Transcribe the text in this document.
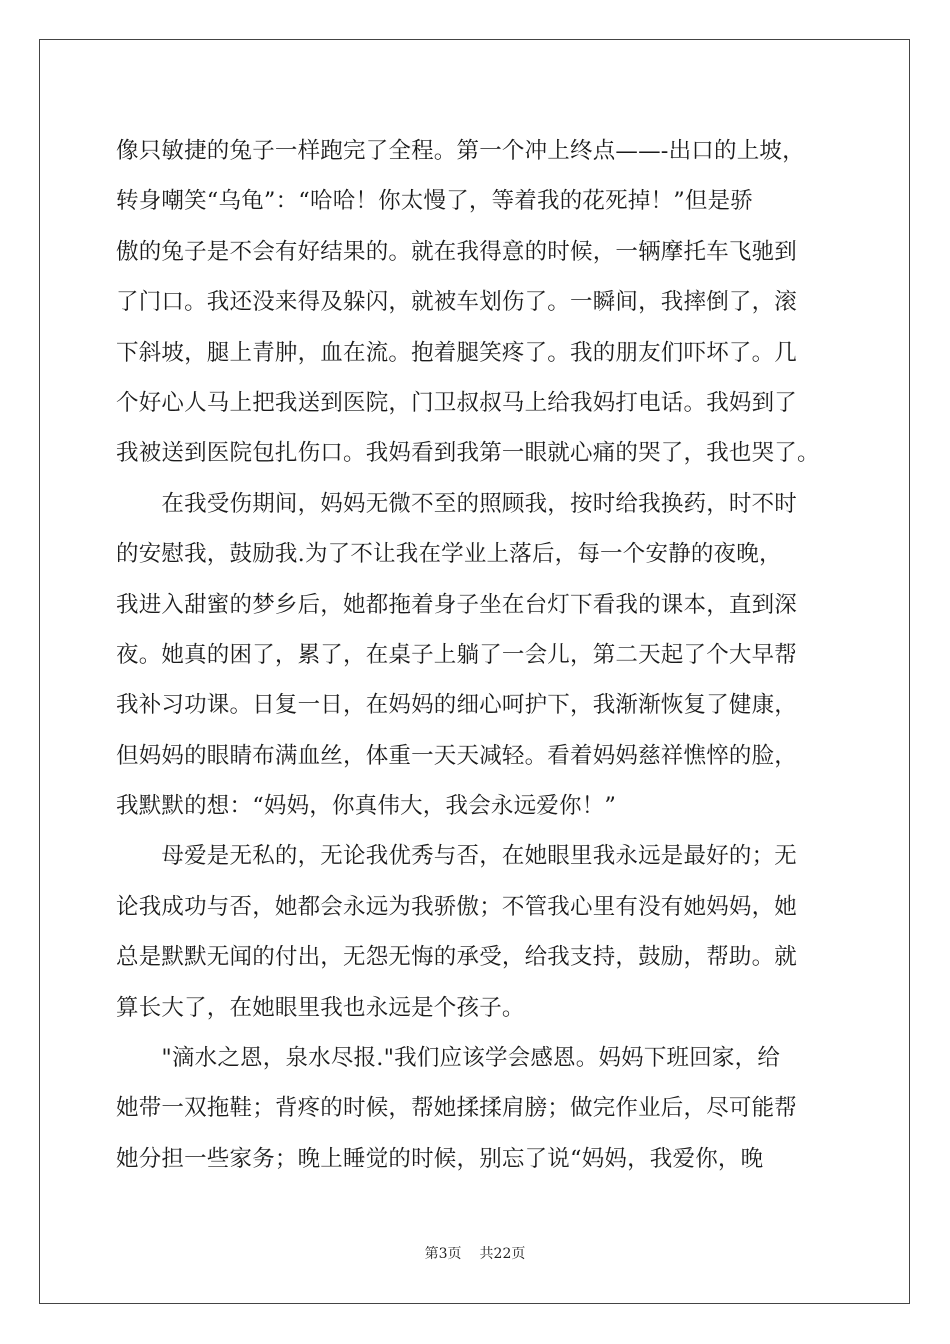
像只敏捷的兔子一样跑完了全程。第一个冲上终点——-出口的上坡，
转身嘲笑“乌龟”：“哈哈！你太慢了，等着我的花死掉！”但是骄
傲的兔子是不会有好结果的。就在我得意的时候，一辆摩托车飞驰到
了门口。我还没来得及躲闪，就被车划伤了。一瞬间，我摔倒了，滚
下斜坡，腿上青肿，血在流。抱着腿笑疼了。我的朋友们吓坏了。几
个好心人马上把我送到医院，门卫叔叔马上给我妈打电话。我妈到了
我被送到医院包扎伤口。我妈看到我第一眼就心痛的哭了，我也哭了。
　　在我受伤期间，妈妈无微不至的照顾我，按时给我换药，时不时
的安慰我，鼓励我.为了不让我在学业上落后，每一个安静的夜晚，
我进入甜蜜的梦乡后，她都拖着身子坐在台灯下看我的课本，直到深
夜。她真的困了，累了，在桌子上躺了一会儿，第二天起了个大早帮
我补习功课。日复一日，在妈妈的细心呵护下，我渐渐恢复了健康，
但妈妈的眼睛布满血丝，体重一天天减轻。看着妈妈慈祥憔悴的脸，
我默默的想：“妈妈，你真伟大，我会永远爱你！”
　　母爱是无私的，无论我优秀与否，在她眼里我永远是最好的；无
论我成功与否，她都会永远为我骄傲；不管我心里有没有她妈妈，她
总是默默无闻的付出，无怨无悔的承受，给我支持，鼓励，帮助。就
算长大了，在她眼里我也永远是个孩子。
　　"滴水之恩，泉水尽报."我们应该学会感恩。妈妈下班回家，给
她带一双拖鞋；背疼的时候，帮她揉揉肩膀；做完作业后，尽可能帮
她分担一些家务；晚上睡觉的时候，别忘了说“妈妈，我爱你，晚
第3页 共22页
